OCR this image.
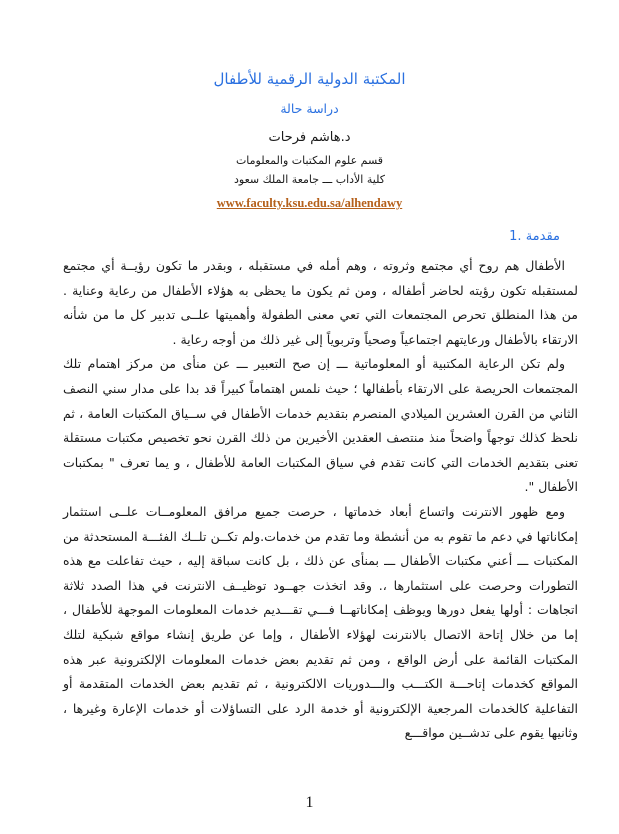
المكتبة الدولية الرقمية للأطفال
دراسة حالة
د.هاشم فرحات
قسم علوم المكتبات والمعلومات
كلية الأداب ـــ جامعة الملك سعود
www.faculty.ksu.edu.sa/alhendawy
1. مقدمة

الأطفال هم روح أي مجتمع وثروته ، وهم أمله في مستقبله ، وبقدر ما تكون رؤيــة أي مجتمع لمستقبله تكون رؤيته لحاضر أطفاله ، ومن ثم يكون ما يحظى به هؤلاء الأطفال من رعاية وعناية . من هذا المنطلق تحرص المجتمعات التي تعي معنى الطفولة وأهميتها علــى تدبير كل ما من شأنه الارتقاء بالأطفال ورعايتهم اجتماعياً وصحياً وتربوياً إلى غير ذلك من أوجه رعاية .

ولم تكن الرعاية المكتبية أو المعلوماتية ـــ إن صح التعبير ـــ عن منأى من مركز اهتمام تلك المجتمعات الحريصة على الارتقاء بأطفالها ؛ حيث نلمس اهتماماً كبيراً قد بدا على مدار سني النصف الثاني من القرن العشرين الميلادي المنصرم بتقديم خدمات الأطفال في ســياق المكتبات العامة ، ثم نلحظ كذلك توجهاً واضحاً منذ منتصف العقدين الأخيرين من ذلك القرن نحو تخصيص مكتبات مستقلة تعنى بتقديم الخدمات التي كانت تقدم في سياق المكتبات العامة للأطفال ، و يما تعرف " بمكتبات الأطفال ".

ومع ظهور الانترنت واتساع أبعاد خدماتها ، حرصت جميع مرافق المعلومــات علــى استثمار إمكاناتها في دعم ما تقوم به من أنشطة وما تقدم من خدمات.ولم تكــن تلــك الفئـــة المستحدثة من المكتبات ـــ أعني مكتبات الأطفال ـــ بمنأى عن ذلك ، بل كانت سباقة إليه ، حيث تفاعلت مع هذه التطورات وحرصت على استثمارها ،. وقد اتخذت جهــود توظيــف الانترنت في هذا الصدد ثلاثة اتجاهات : أولها يفعل دورها ويوظف إمكاناتهــا فـــي تقـــديم خدمات المعلومات الموجهة للأطفال ، إما من خلال إتاحة الاتصال بالانترنت لهؤلاء الأطفال ، وإما عن طريق إنشاء مواقع شبكية لتلك المكتبات القائمة على أرض الواقع ، ومن ثم تقديم بعض خدمات المعلومات الإلكترونية عبر هذه المواقع كخدمات إتاحـــة الكتـــب والـــدوريات الالكترونية ، ثم تقديم بعض الخدمات المتقدمة أو التفاعلية كالخدمات المرجعية الإلكترونية أو خدمة الرد على التساؤلات أو خدمات الإعارة وغيرها ، وثانيها يقوم على تدشــين مواقـــع

1
